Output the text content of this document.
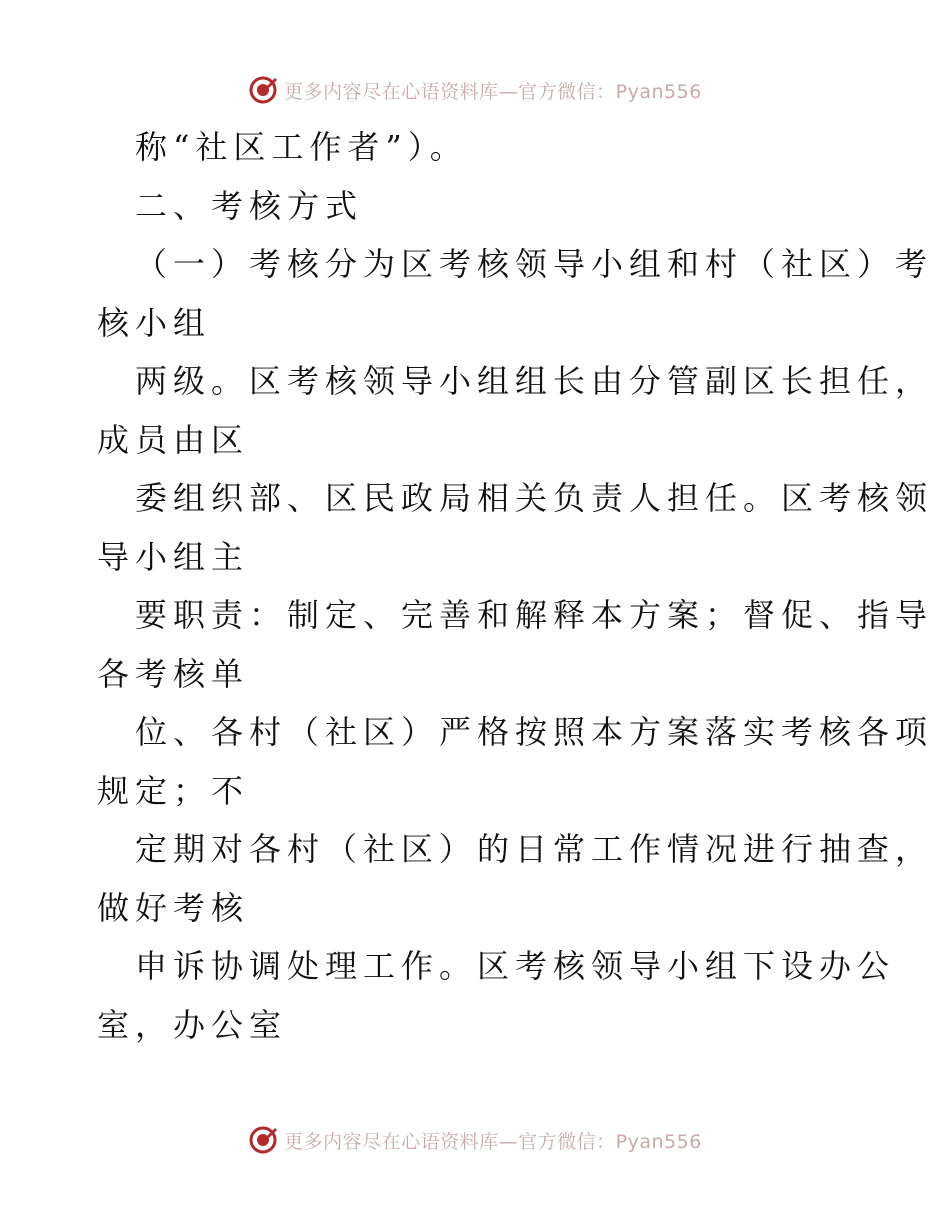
更多内容尽在心语资料库—官方微信：Pyan556
称“社区工作者”）。
二、考核方式
（一）考核分为区考核领导小组和村（社区）考
核小组
两级。区考核领导小组组长由分管副区长担任，
成员由区
委组织部、区民政局相关负责人担任。区考核领
导小组主
要职责：制定、完善和解释本方案；督促、指导
各考核单
位、各村（社区）严格按照本方案落实考核各项
规定；不
定期对各村（社区）的日常工作情况进行抽查，
做好考核
申诉协调处理工作。区考核领导小组下设办公
室，办公室
更多内容尽在心语资料库—官方微信：Pyan556
